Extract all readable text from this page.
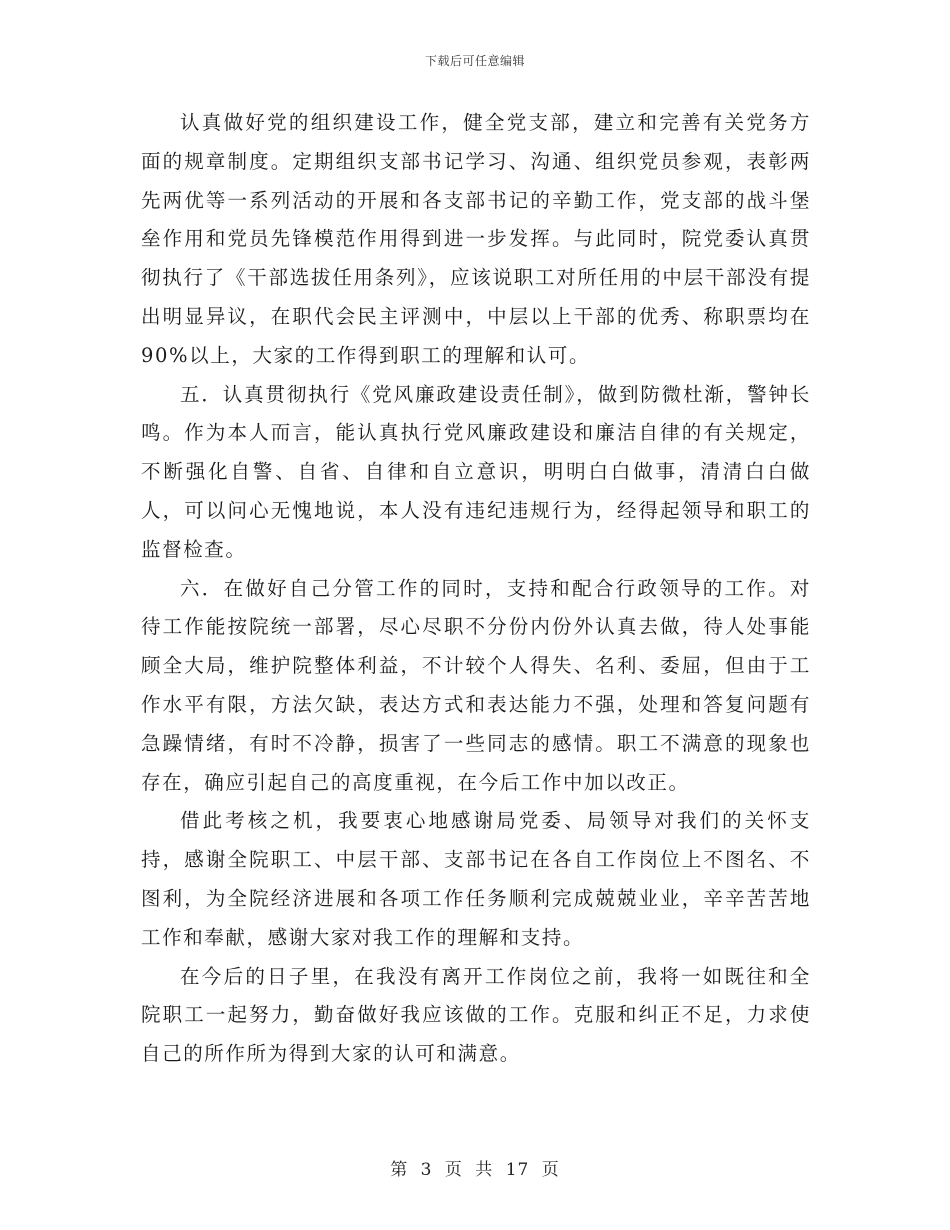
下载后可任意编辑

认真做好党的组织建设工作，健全党支部，建立和完善有关党务方面的规章制度。定期组织支部书记学习、沟通、组织党员参观，表彰两先两优等一系列活动的开展和各支部书记的辛勤工作，党支部的战斗堡垒作用和党员先锋模范作用得到进一步发挥。与此同时，院党委认真贯彻执行了《干部选拔任用条列》，应该说职工对所任用的中层干部没有提出明显异议，在职代会民主评测中，中层以上干部的优秀、称职票均在90%以上，大家的工作得到职工的理解和认可。

五．认真贯彻执行《党风廉政建设责任制》，做到防微杜渐，警钟长鸣。作为本人而言，能认真执行党风廉政建设和廉洁自律的有关规定，不断强化自警、自省、自律和自立意识，明明白白做事，清清白白做人，可以问心无愧地说，本人没有违纪违规行为，经得起领导和职工的监督检查。

六．在做好自己分管工作的同时，支持和配合行政领导的工作。对待工作能按院统一部署，尽心尽职不分份内份外认真去做，待人处事能顾全大局，维护院整体利益，不计较个人得失、名利、委屈，但由于工作水平有限，方法欠缺，表达方式和表达能力不强，处理和答复问题有急躁情绪，有时不冷静，损害了一些同志的感情。职工不满意的现象也存在，确应引起自己的高度重视，在今后工作中加以改正。

借此考核之机，我要衷心地感谢局党委、局领导对我们的关怀支持，感谢全院职工、中层干部、支部书记在各自工作岗位上不图名、不图利，为全院经济进展和各项工作任务顺利完成兢兢业业，辛辛苦苦地工作和奉献，感谢大家对我工作的理解和支持。

在今后的日子里，在我没有离开工作岗位之前，我将一如既往和全院职工一起努力，勤奋做好我应该做的工作。克服和纠正不足，力求使自己的所作所为得到大家的认可和满意。

第 3 页 共 17 页
